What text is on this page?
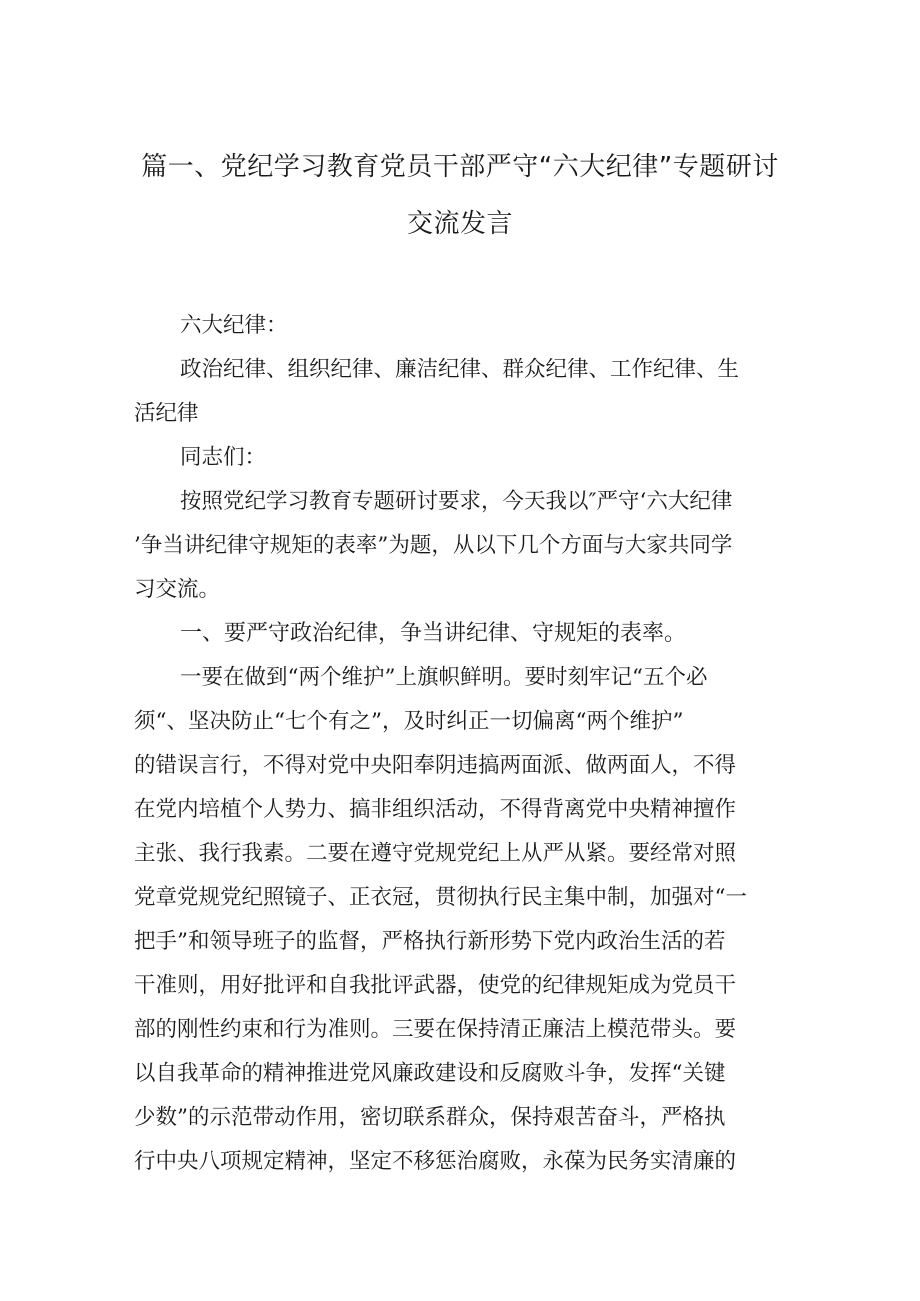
篇一、党纪学习教育党员干部严守“六大纪律”专题研讨
交流发言
六大纪律：
政治纪律、组织纪律、廉洁纪律、群众纪律、工作纪律、生
活纪律
同志们：
按照党纪学习教育专题研讨要求，今天我以″严守‘六大纪律
’争当讲纪律守规矩的表率”为题，从以下几个方面与大家共同学
习交流。
一、要严守政治纪律，争当讲纪律、守规矩的表率。
一要在做到“两个维护”上旗帜鲜明。要时刻牢记“五个必
须“、坚决防止“七个有之”，及时纠正一切偏离“两个维护”
的错误言行，不得对党中央阳奉阴违搞两面派、做两面人，不得
在党内培植个人势力、搞非组织活动，不得背离党中央精神擅作
主张、我行我素。二要在遵守党规党纪上从严从紧。要经常对照
党章党规党纪照镜子、正衣冠，贯彻执行民主集中制，加强对“一
把手”和领导班子的监督，严格执行新形势下党内政治生活的若
干准则，用好批评和自我批评武器，使党的纪律规矩成为党员干
部的刚性约束和行为准则。三要在保持清正廉洁上模范带头。要
以自我革命的精神推进党风廉政建设和反腐败斗争，发挥“关键
少数”的示范带动作用，密切联系群众，保持艰苦奋斗，严格执
行中央八项规定精神，坚定不移惩治腐败，永葆为民务实清廉的
